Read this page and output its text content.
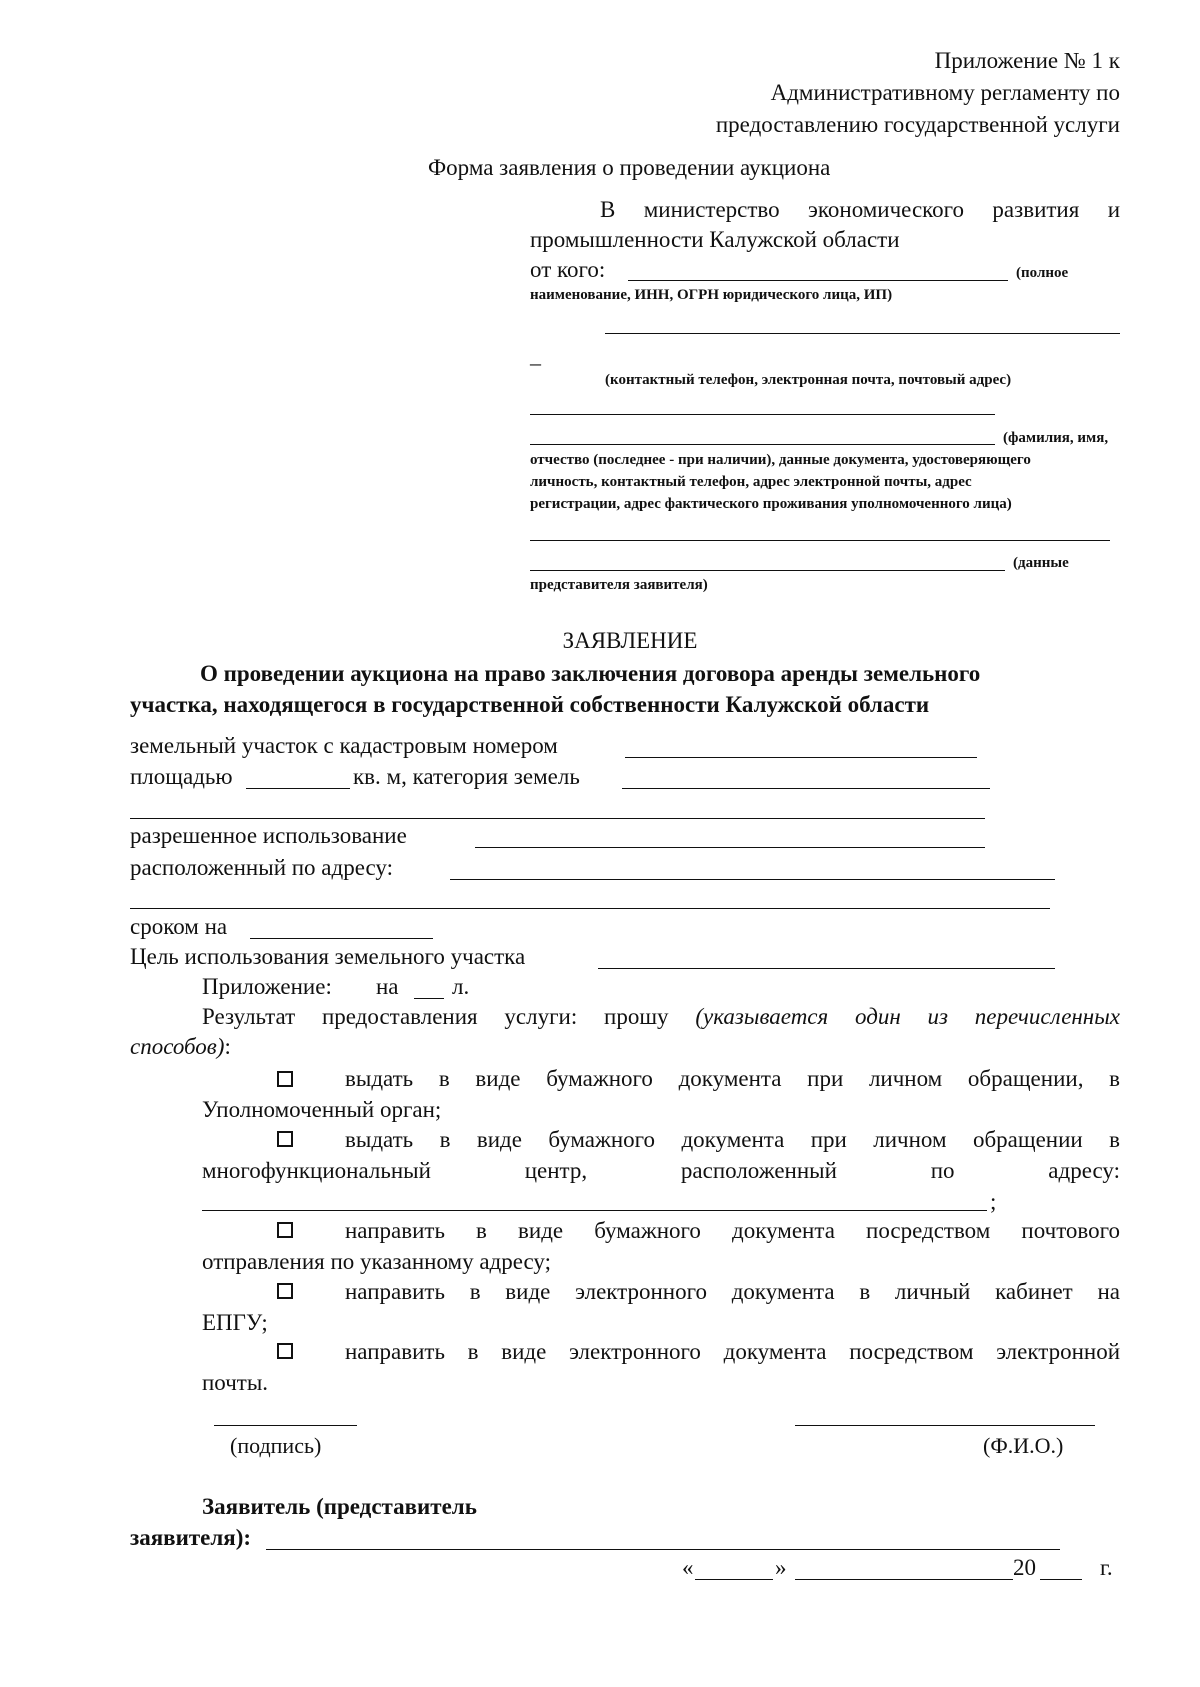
Приложение № 1 к
Административному регламенту по
предоставлению государственной услуги
Форма заявления о проведении аукциона
В министерство экономического развития и
промышленности Калужской области
от кого:	(полное
наименование, ИНН, ОГРН юридического лица, ИП)
–
(контактный телефон, электронная почта, почтовый адрес)
(фамилия, имя,
отчество (последнее - при наличии), данные документа, удостоверяющего
личность, контактный телефон, адрес электронной почты, адрес
регистрации, адрес фактического проживания уполномоченного лица)
(данные
представителя заявителя)
ЗАЯВЛЕНИЕ
О проведении аукциона на право заключения договора аренды земельного
участка, находящегося в государственной собственности Калужской области
земельный участок с кадастровым номером
площадью	кв. м, категория земель
разрешенное использование
расположенный по адресу:
сроком на
Цель использования земельного участка
Приложение: на л.
Результат предоставления услуги: прошу (указывается один из перечисленных
способов):
выдать в виде бумажного документа при личном обращении, в
Уполномоченный орган;
выдать в виде бумажного документа при личном обращении в
многофункциональный центр, расположенный по адресу:
;
направить в виде бумажного документа посредством почтового
отправления по указанному адресу;
направить в виде электронного документа в личный кабинет на
ЕПГУ;
направить в виде электронного документа посредством электронной
почты.
(подпись)	(Ф.И.О.)
Заявитель (представитель
заявителя):
«	»	20	г.
